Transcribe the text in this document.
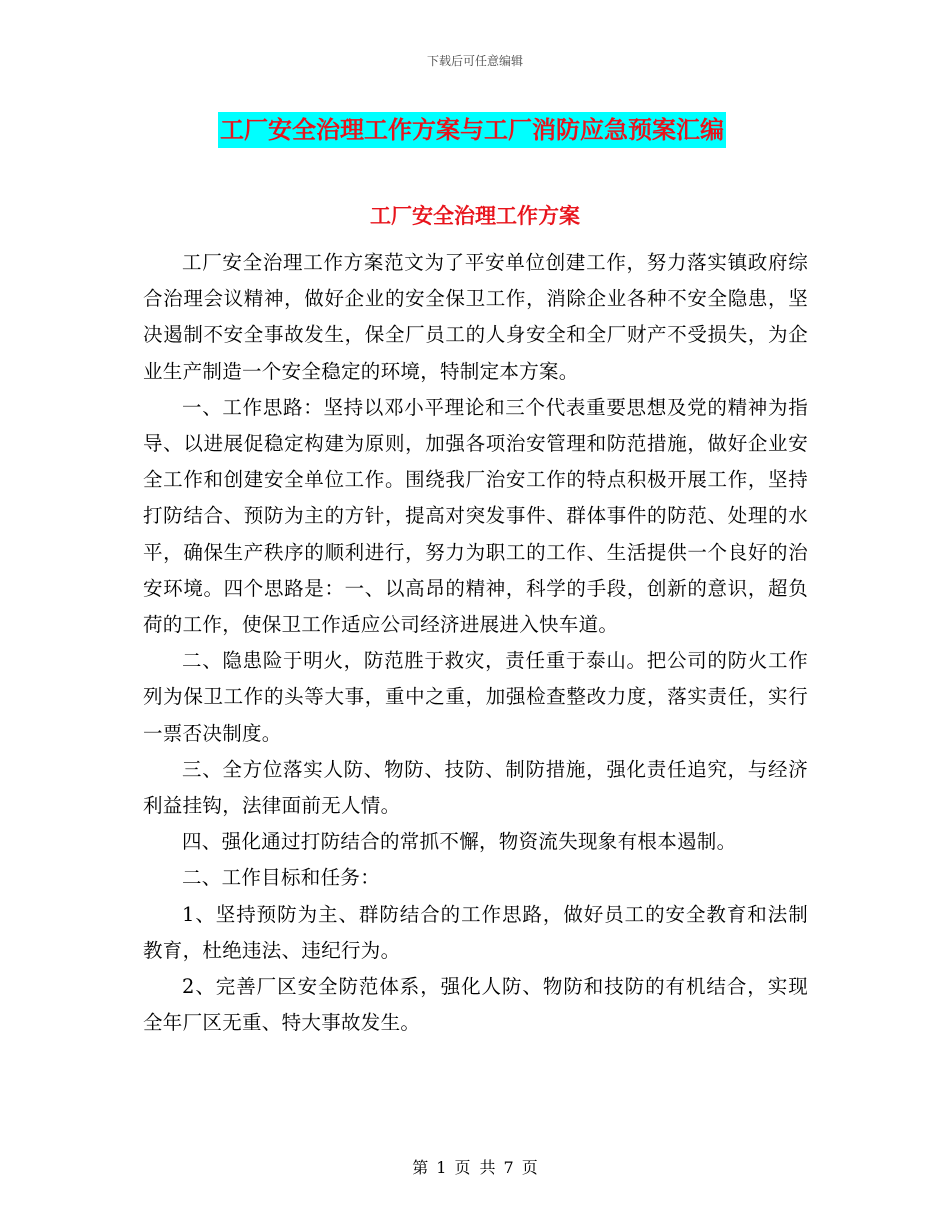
下载后可任意编辑
工厂安全治理工作方案与工厂消防应急预案汇编
工厂安全治理工作方案

工厂安全治理工作方案范文为了平安单位创建工作，努力落实镇政府综合治理会议精神，做好企业的安全保卫工作，消除企业各种不安全隐患，坚决遏制不安全事故发生，保全厂员工的人身安全和全厂财产不受损失，为企业生产制造一个安全稳定的环境，特制定本方案。

一、工作思路：坚持以邓小平理论和三个代表重要思想及党的精神为指导、以进展促稳定构建为原则，加强各项治安管理和防范措施，做好企业安全工作和创建安全单位工作。围绕我厂治安工作的特点积极开展工作，坚持打防结合、预防为主的方针，提高对突发事件、群体事件的防范、处理的水平，确保生产秩序的顺利进行，努力为职工的工作、生活提供一个良好的治安环境。四个思路是：一、以高昂的精神，科学的手段，创新的意识，超负荷的工作，使保卫工作适应公司经济进展进入快车道。

二、隐患险于明火，防范胜于救灾，责任重于泰山。把公司的防火工作列为保卫工作的头等大事，重中之重，加强检查整改力度，落实责任，实行一票否决制度。

三、全方位落实人防、物防、技防、制防措施，强化责任追究，与经济利益挂钩，法律面前无人情。

四、强化通过打防结合的常抓不懈，物资流失现象有根本遏制。

二、工作目标和任务：

1、坚持预防为主、群防结合的工作思路，做好员工的安全教育和法制教育，杜绝违法、违纪行为。

2、完善厂区安全防范体系，强化人防、物防和技防的有机结合，实现全年厂区无重、特大事故发生。

第 1 页 共 7 页
